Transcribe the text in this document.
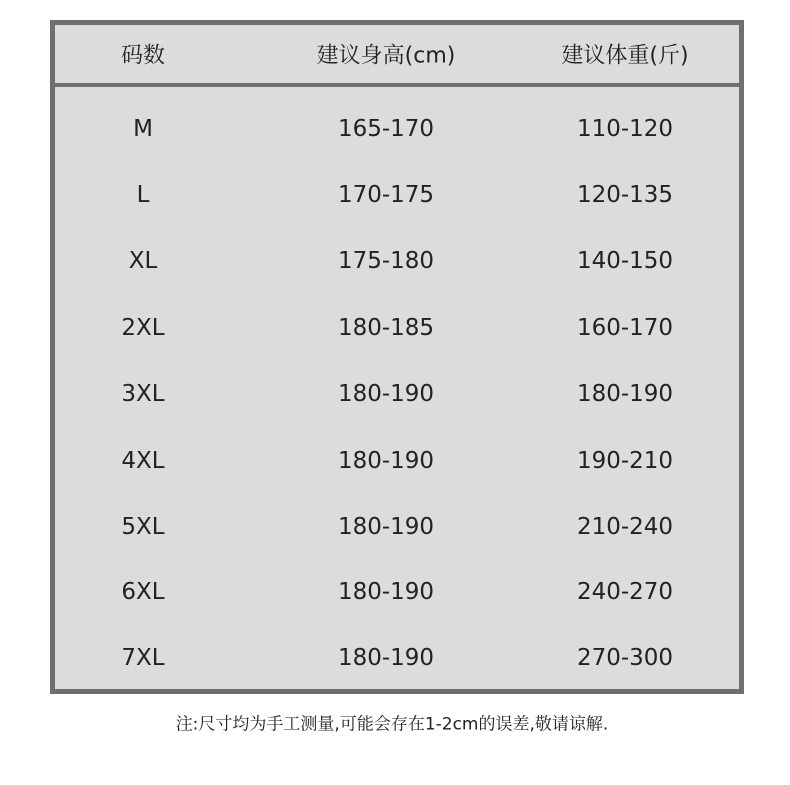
码数	建议身高(cm)	建议体重(斤)
M	165-170	110-120
L	170-175	120-135
XL	175-180	140-150
2XL	180-185	160-170
3XL	180-190	180-190
4XL	180-190	190-210
5XL	180-190	210-240
6XL	180-190	240-270
7XL	180-190	270-300
注:尺寸均为手工测量,可能会存在1-2cm的误差,敬请谅解.
